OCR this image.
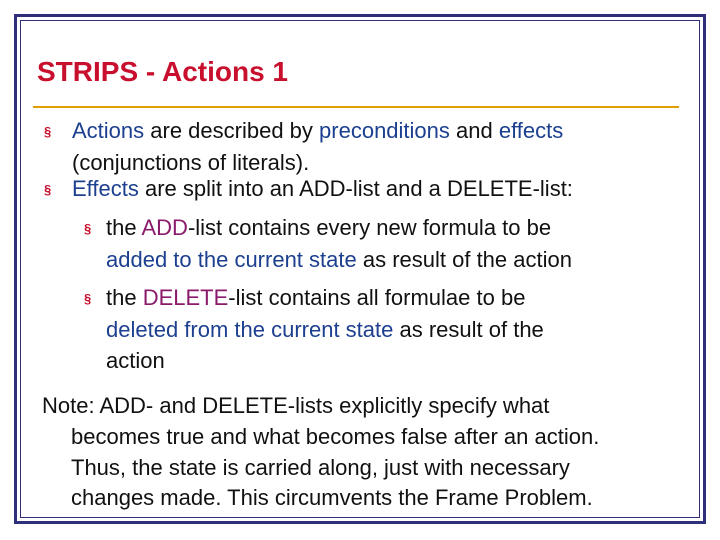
STRIPS - Actions 1
§ Actions are described by preconditions and effects

(conjunctions of literals).

§ Effects are split into an ADD-list and a DELETE-list:

§ the ADD-list contains every new formula to be

added to the current state as result of the action

§ the DELETE-list contains all formulae to be

deleted from the current state as result of the

action

Note: ADD- and DELETE-lists explicitly specify what

becomes true and what becomes false after an action.

Thus, the state is carried along, just with necessary

changes made. This circumvents the Frame Problem.
